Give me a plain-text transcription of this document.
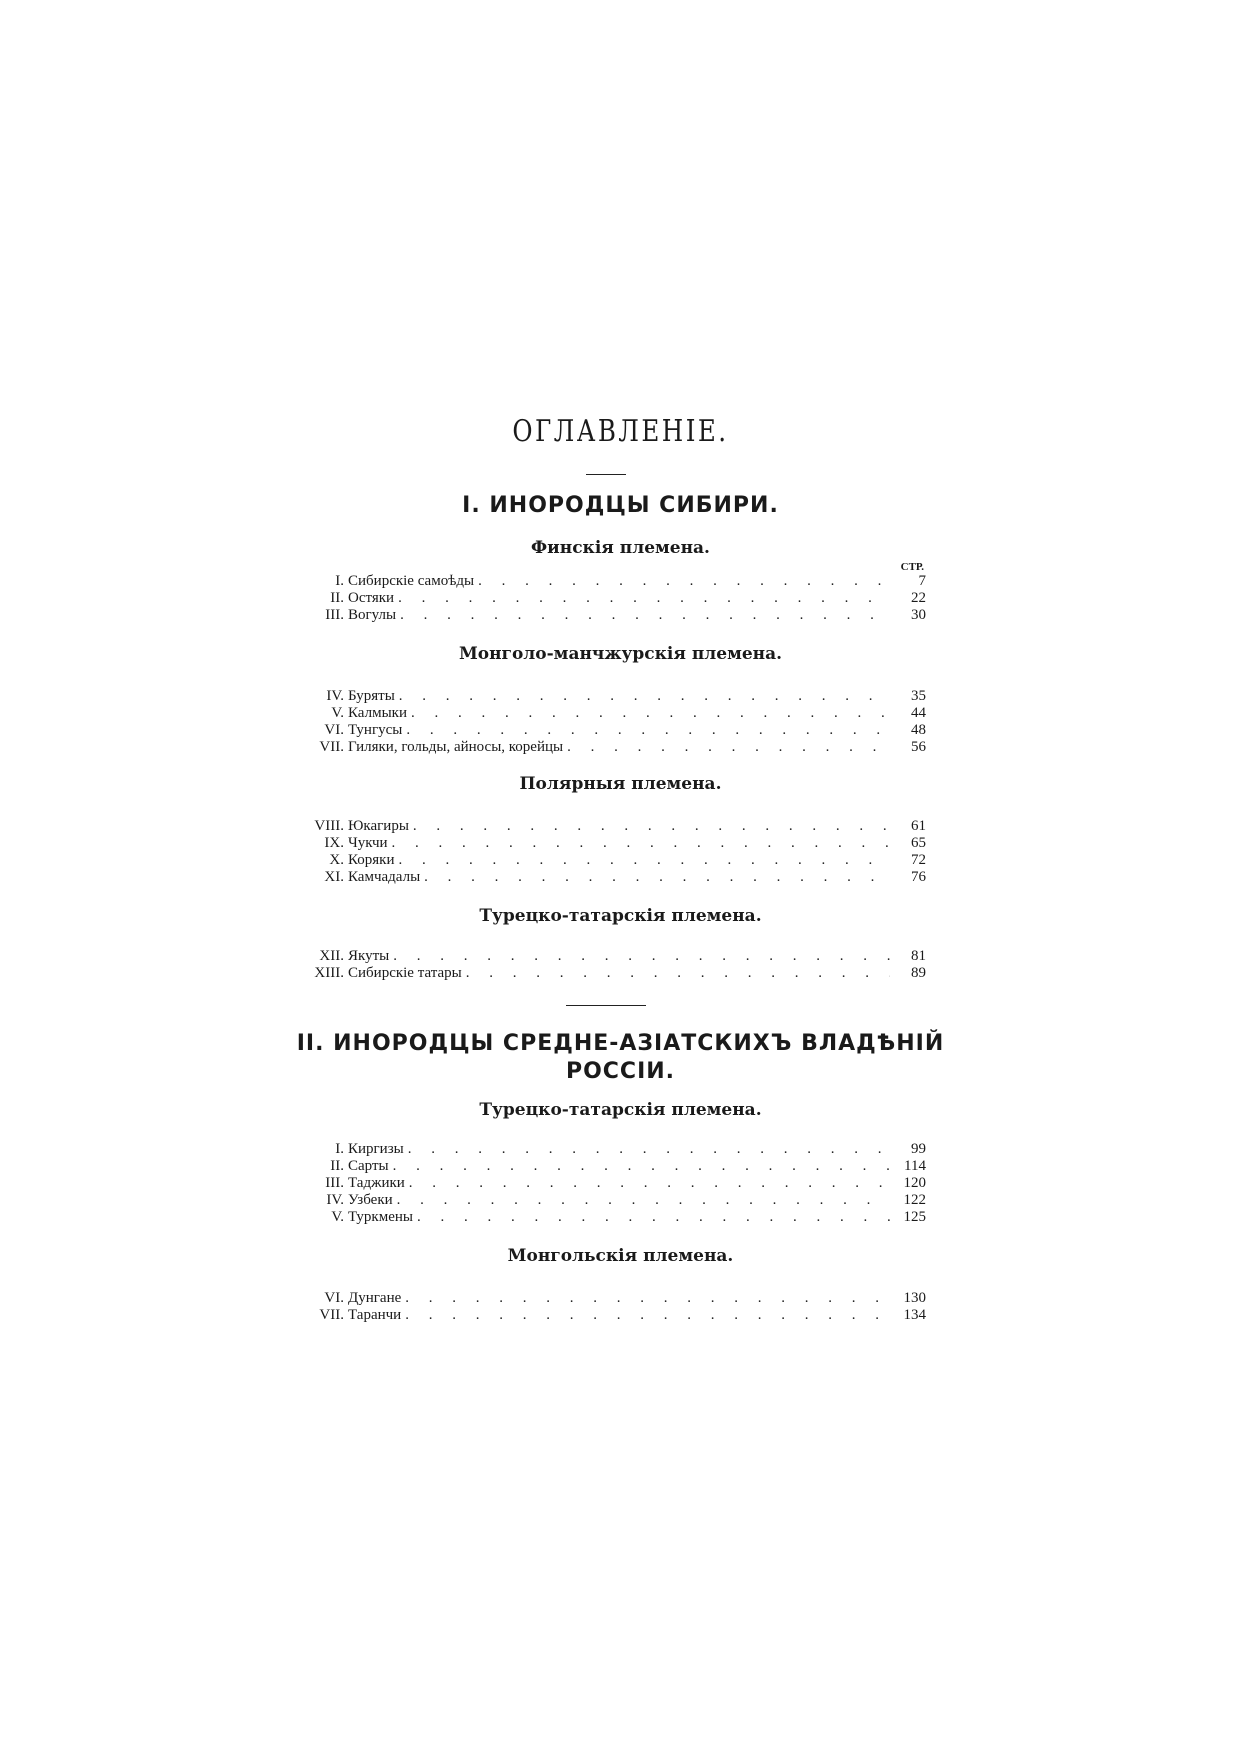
ОГЛАВЛЕНIЕ.
I. ИНОРОДЦЫ СИБИРИ.
Финскія племена.
СТР.
I. Сибирскіе самоѣды . . .	7
II. Остяки . . .	22
III. Вогулы . . .	30
Монголо-манчжурскія племена.
IV. Буряты . . .	35
V. Калмыки . . .	44
VI. Тунгусы . . .	48
VII. Гиляки, гольды, айносы, корейцы . . .	56
Полярныя племена.
VIII. Юкагиры . . .	61
IX. Чукчи . . .	65
X. Коряки . . .	72
XI. Камчадалы . . .	76
Турецко-татарскія племена.
XII. Якуты . . .	81
XIII. Сибирскіе татары . . .	89
II. ИНОРОДЦЫ СРЕДНЕ-АЗIАТСКИХЪ ВЛАДѢНIЙ
РОССIИ.
Турецко-татарскія племена.
I. Киргизы . . .	99
II. Сарты . . .	114
III. Таджики . . .	120
IV. Узбеки . . .	122
V. Туркмены . . .	125
Монгольскія племена.
VI. Дунгане . . .	130
VII. Таранчи . . .	134
